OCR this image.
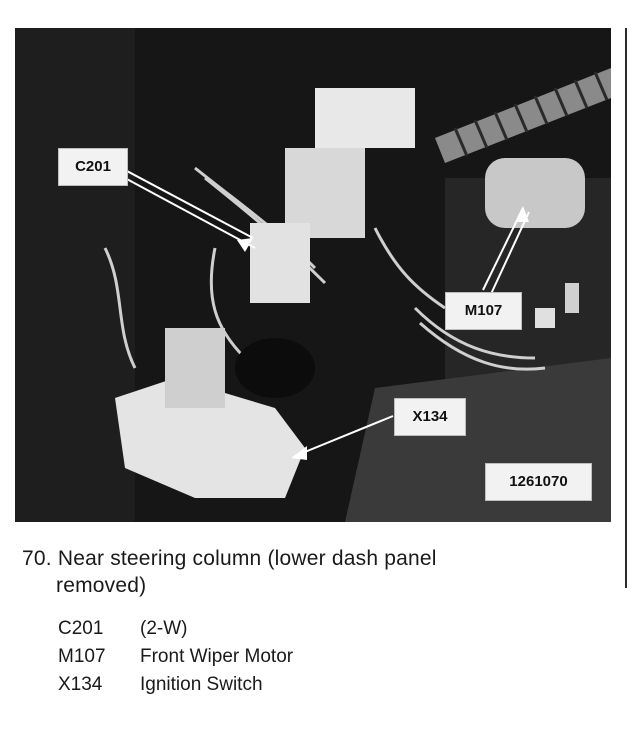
C201
M107
X134
1261070
70. Near steering column (lower dash panel
removed)
C201	(2-W)
M107	Front Wiper Motor
X134	Ignition Switch
